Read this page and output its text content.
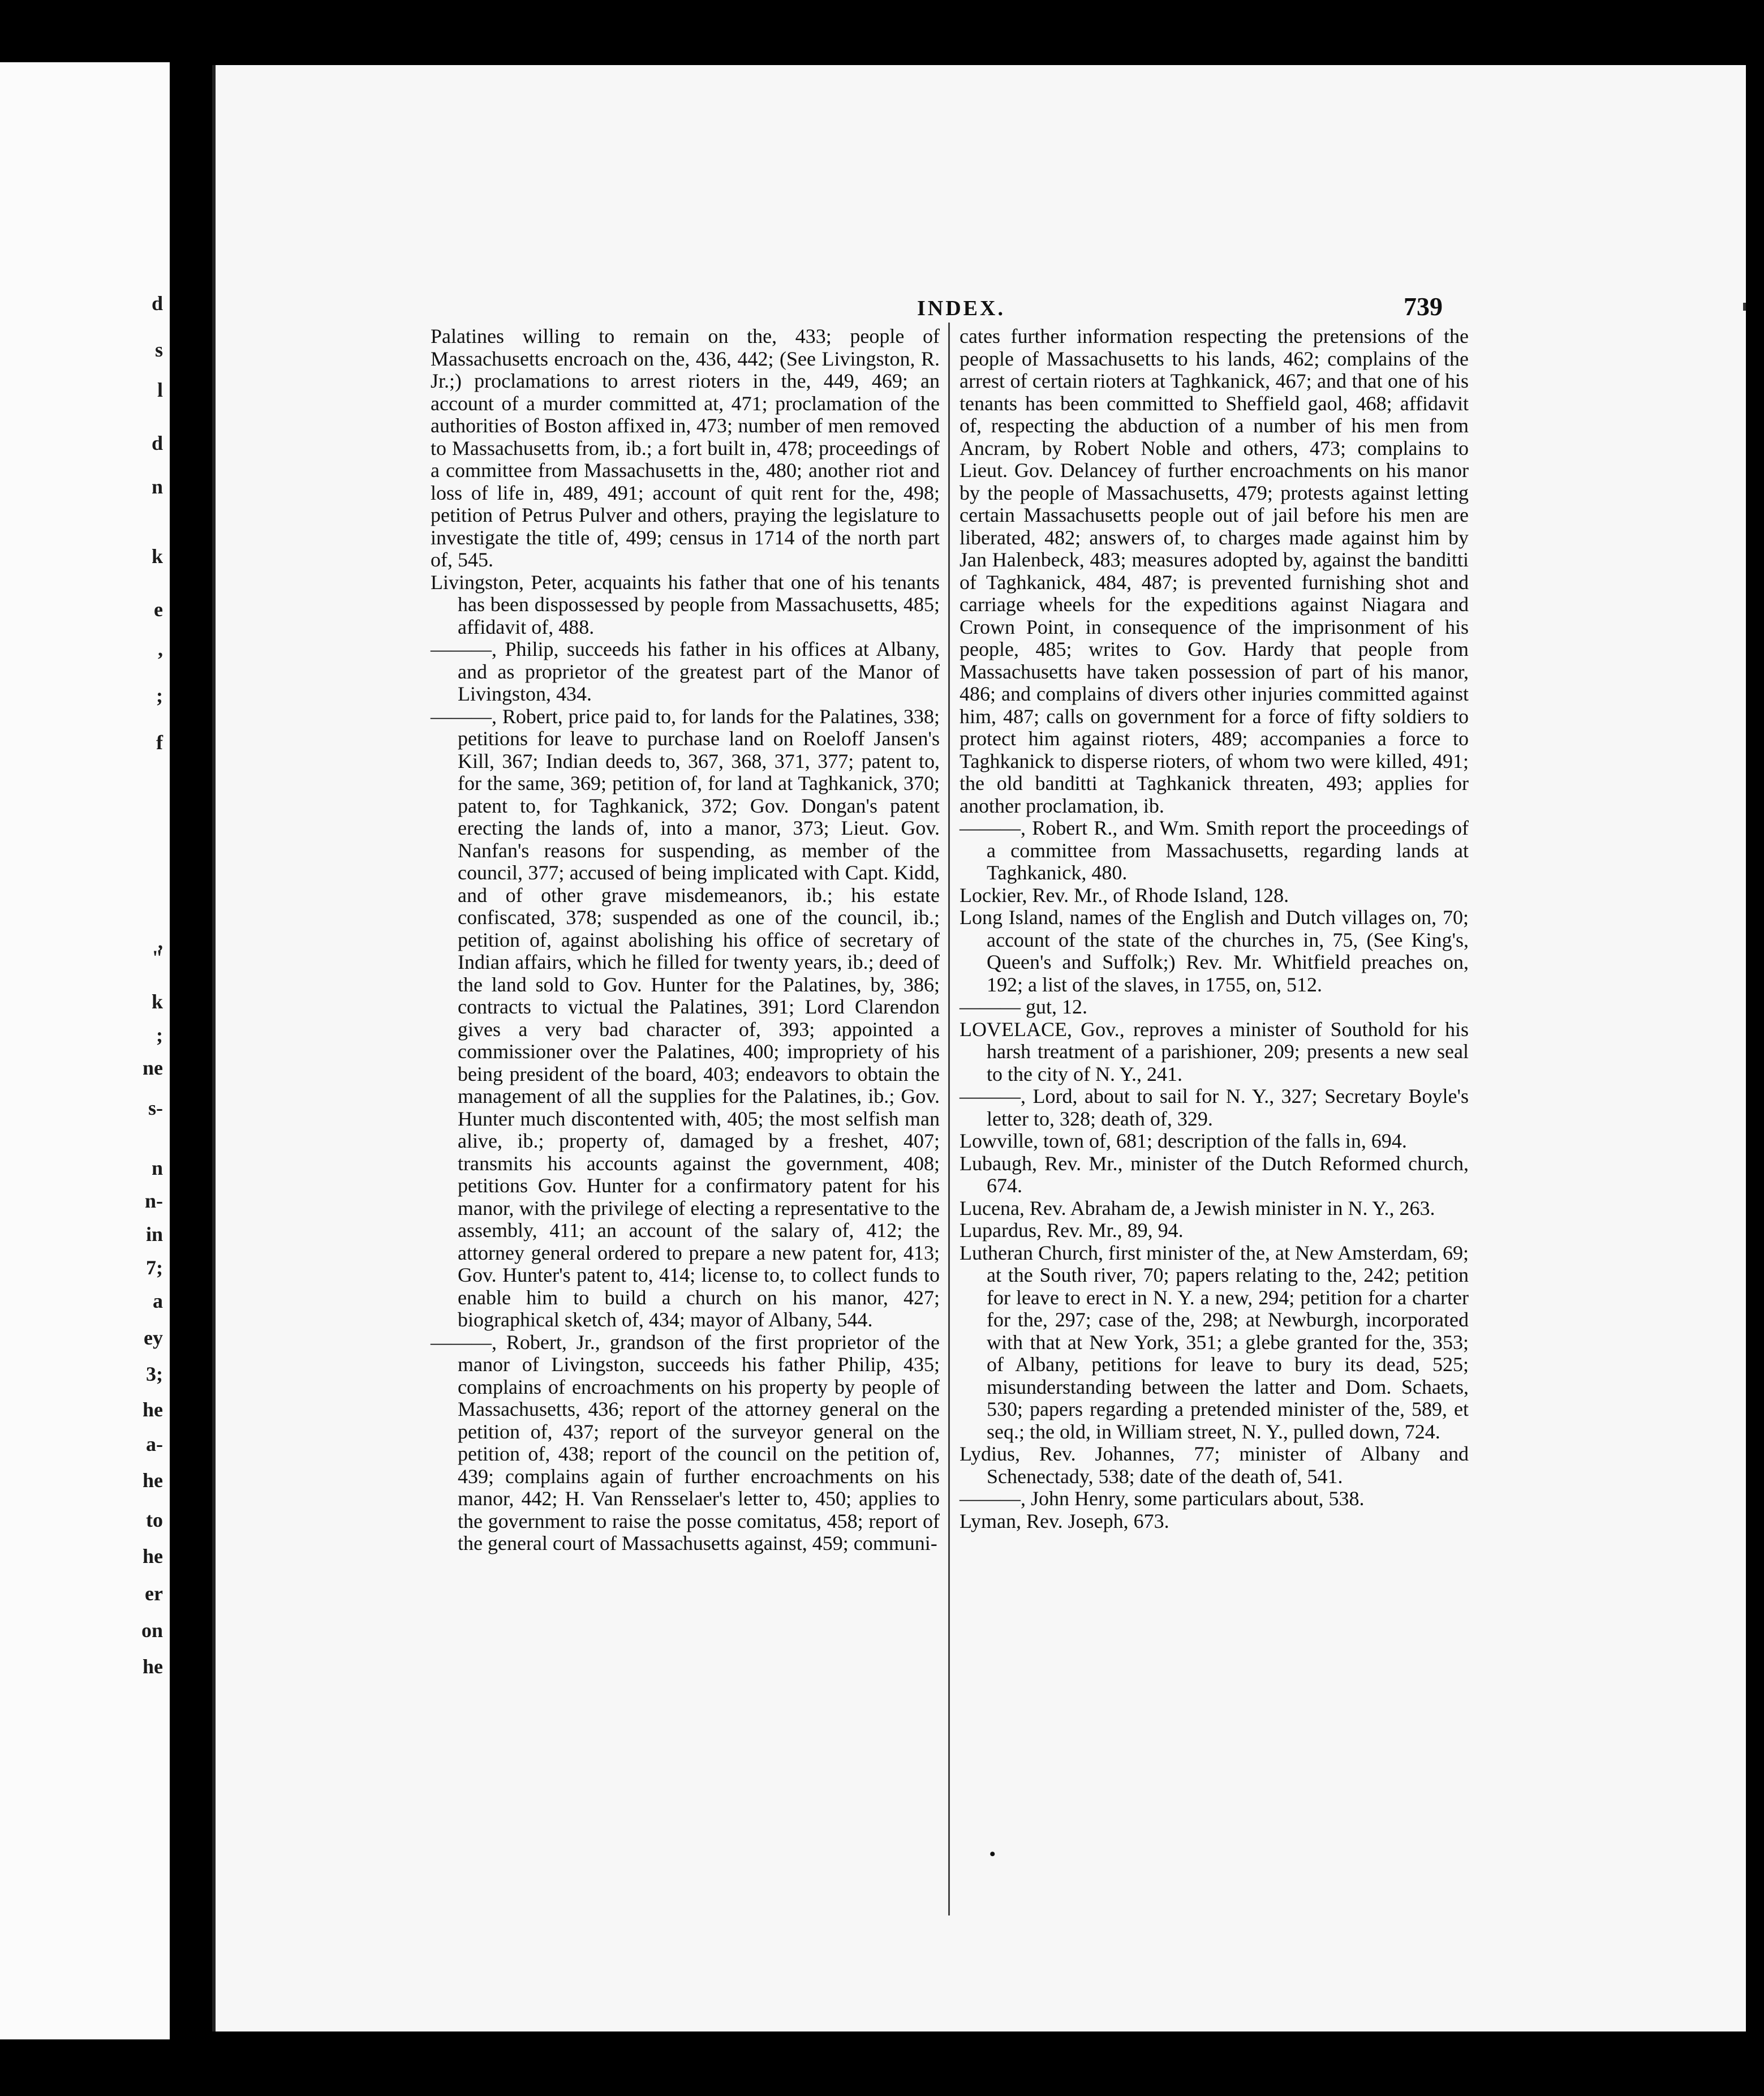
d
s
l
d
n
k
e
,
;
f
,
"
k
;
ne
s-
n
n-
in
7;
a
ey
3;
he
a-
he
to
he
er
on
he
INDEX.	739

Palatines willing to remain on the, 433; people of Massachusetts encroach on the, 436, 442; (See Livingston, R. Jr.;) proclamations to arrest rioters in the, 449, 469; an account of a murder committed at, 471; proclamation of the authorities of Boston affixed in, 473; number of men removed to Massachusetts from, ib.; a fort built in, 478; proceedings of a committee from Massachusetts in the, 480; another riot and loss of life in, 489, 491; account of quit rent for the, 498; petition of Petrus Pulver and others, praying the legislature to investigate the title of, 499; census in 1714 of the north part of, 545.

Livingston, Peter, acquaints his father that one of his tenants has been dispossessed by people from Massachusetts, 485; affidavit of, 488.

———, Philip, succeeds his father in his offices at Albany, and as proprietor of the greatest part of the Manor of Livingston, 434.

———, Robert, price paid to, for lands for the Palatines, 338; petitions for leave to purchase land on Roeloff Jansen's Kill, 367; Indian deeds to, 367, 368, 371, 377; patent to, for the same, 369; petition of, for land at Taghkanick, 370; patent to, for Taghkanick, 372; Gov. Dongan's patent erecting the lands of, into a manor, 373; Lieut. Gov. Nanfan's reasons for suspending, as member of the council, 377; accused of being implicated with Capt. Kidd, and of other grave misdemeanors, ib.; his estate confiscated, 378; suspended as one of the council, ib.; petition of, against abolishing his office of secretary of Indian affairs, which he filled for twenty years, ib.; deed of the land sold to Gov. Hunter for the Palatines, by, 386; contracts to victual the Palatines, 391; Lord Clarendon gives a very bad character of, 393; appointed a commissioner over the Palatines, 400; impropriety of his being president of the board, 403; endeavors to obtain the management of all the supplies for the Palatines, ib.; Gov. Hunter much discontented with, 405; the most selfish man alive, ib.; property of, damaged by a freshet, 407; transmits his accounts against the government, 408; petitions Gov. Hunter for a confirmatory patent for his manor, with the privilege of electing a representative to the assembly, 411; an account of the salary of, 412; the attorney general ordered to prepare a new patent for, 413; Gov. Hunter's patent to, 414; license to, to collect funds to enable him to build a church on his manor, 427; biographical sketch of, 434; mayor of Albany, 544.

———, Robert, Jr., grandson of the first proprietor of the manor of Livingston, succeeds his father Philip, 435; complains of encroachments on his property by people of Massachusetts, 436; report of the attorney general on the petition of, 437; report of the surveyor general on the petition of, 438; report of the council on the petition of, 439; complains again of further encroachments on his manor, 442; H. Van Rensselaer's letter to, 450; applies to the government to raise the posse comitatus, 458; report of the general court of Massachusetts against, 459; communi-

cates further information respecting the pretensions of the people of Massachusetts to his lands, 462; complains of the arrest of certain rioters at Taghkanick, 467; and that one of his tenants has been committed to Sheffield gaol, 468; affidavit of, respecting the abduction of a number of his men from Ancram, by Robert Noble and others, 473; complains to Lieut. Gov. Delancey of further encroachments on his manor by the people of Massachusetts, 479; protests against letting certain Massachusetts people out of jail before his men are liberated, 482; answers of, to charges made against him by Jan Halenbeck, 483; measures adopted by, against the banditti of Taghkanick, 484, 487; is prevented furnishing shot and carriage wheels for the expeditions against Niagara and Crown Point, in consequence of the imprisonment of his people, 485; writes to Gov. Hardy that people from Massachusetts have taken possession of part of his manor, 486; and complains of divers other injuries committed against him, 487; calls on government for a force of fifty soldiers to protect him against rioters, 489; accompanies a force to Taghkanick to disperse rioters, of whom two were killed, 491; the old banditti at Taghkanick threaten, 493; applies for another proclamation, ib.

———, Robert R., and Wm. Smith report the proceedings of a committee from Massachusetts, regarding lands at Taghkanick, 480.

Lockier, Rev. Mr., of Rhode Island, 128.

Long Island, names of the English and Dutch villages on, 70; account of the state of the churches in, 75, (See King's, Queen's and Suffolk;) Rev. Mr. Whitfield preaches on, 192; a list of the slaves, in 1755, on, 512.

——— gut, 12.

LOVELACE, Gov., reproves a minister of Southold for his harsh treatment of a parishioner, 209; presents a new seal to the city of N. Y., 241.

———, Lord, about to sail for N. Y., 327; Secretary Boyle's letter to, 328; death of, 329.

Lowville, town of, 681; description of the falls in, 694.

Lubaugh, Rev. Mr., minister of the Dutch Reformed church, 674.

Lucena, Rev. Abraham de, a Jewish minister in N. Y., 263.

Lupardus, Rev. Mr., 89, 94.

Lutheran Church, first minister of the, at New Amsterdam, 69; at the South river, 70; papers relating to the, 242; petition for leave to erect in N. Y. a new, 294; petition for a charter for the, 297; case of the, 298; at Newburgh, incorporated with that at New York, 351; a glebe granted for the, 353; of Albany, petitions for leave to bury its dead, 525; misunderstanding between the latter and Dom. Schaets, 530; papers regarding a pretended minister of the, 589, et seq.; the old, in William street, N. Y., pulled down, 724.

Lydius, Rev. Johannes, 77; minister of Albany and Schenectady, 538; date of the death of, 541.

———, John Henry, some particulars about, 538.

Lyman, Rev. Joseph, 673.

•
